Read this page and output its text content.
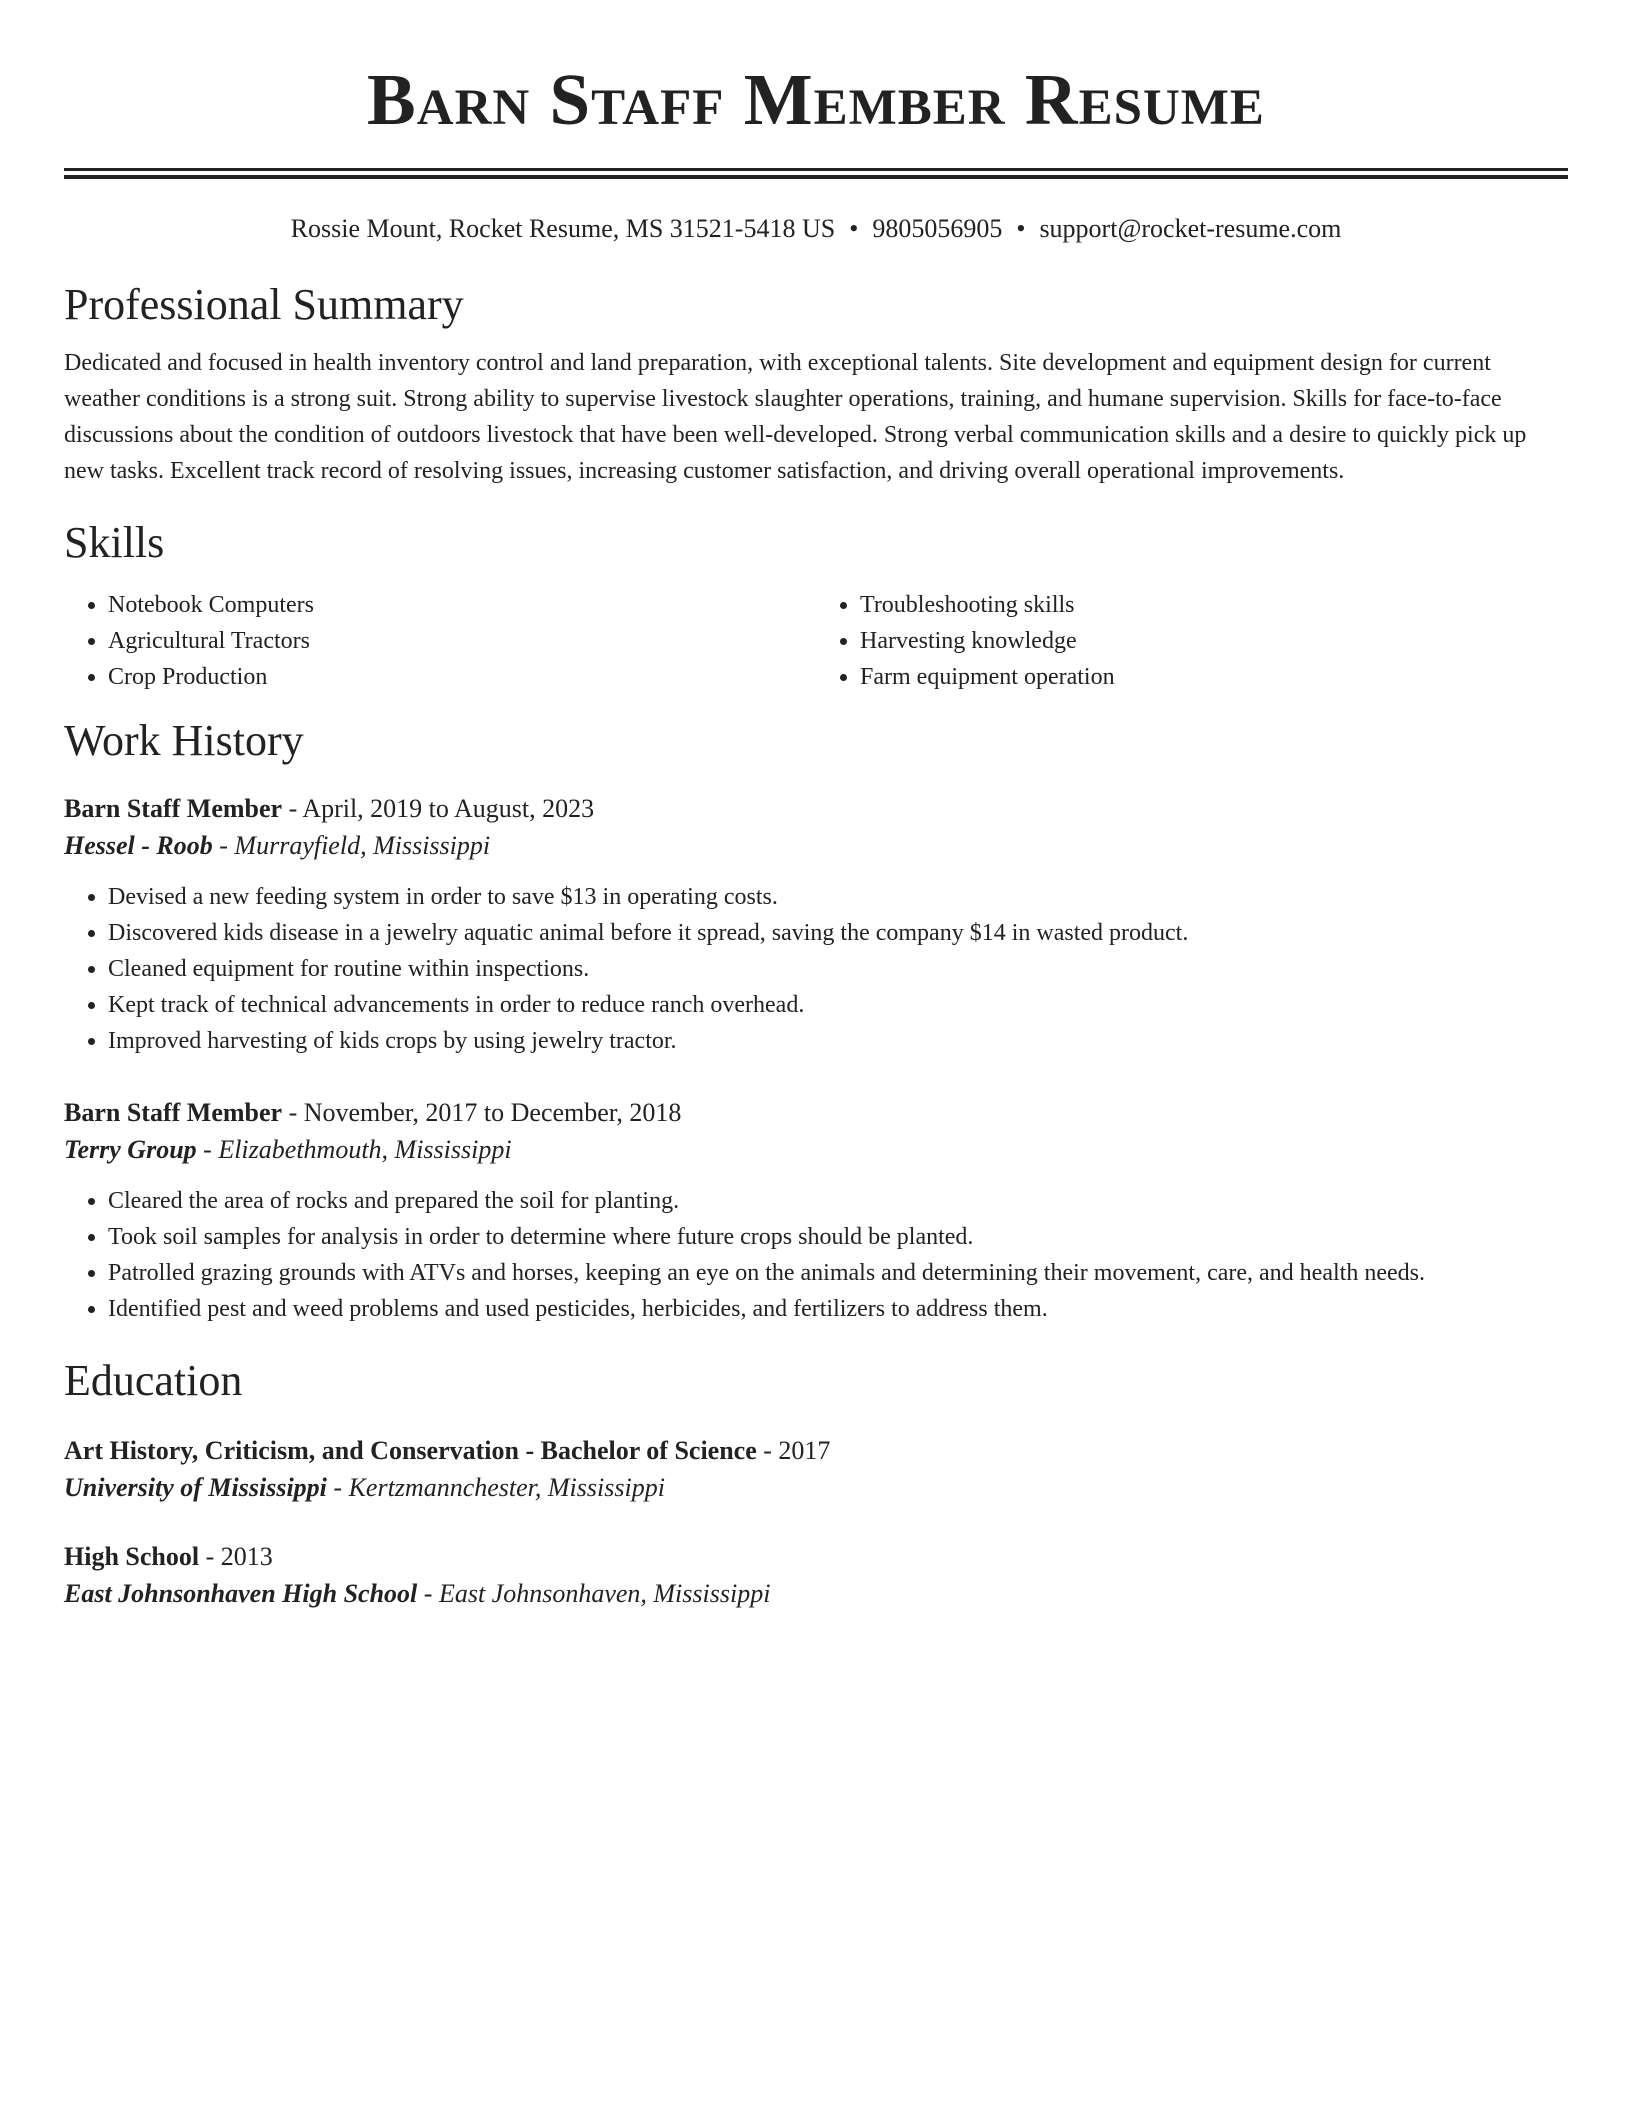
Barn Staff Member Resume
Rossie Mount, Rocket Resume, MS 31521-5418 US • 9805056905 • support@rocket-resume.com
Professional Summary

Dedicated and focused in health inventory control and land preparation, with exceptional talents. Site development and equipment design for current weather conditions is a strong suit. Strong ability to supervise livestock slaughter operations, training, and humane supervision. Skills for face-to-face discussions about the condition of outdoors livestock that have been well-developed. Strong verbal communication skills and a desire to quickly pick up new tasks. Excellent track record of resolving issues, increasing customer satisfaction, and driving overall operational improvements.

Skills
• Notebook Computers
• Agricultural Tractors
• Crop Production
• Troubleshooting skills
• Harvesting knowledge
• Farm equipment operation
Work History
Barn Staff Member - April, 2019 to August, 2023
Hessel - Roob - Murrayfield, Mississippi
• Devised a new feeding system in order to save $13 in operating costs.
• Discovered kids disease in a jewelry aquatic animal before it spread, saving the company $14 in wasted product.
• Cleaned equipment for routine within inspections.
• Kept track of technical advancements in order to reduce ranch overhead.
• Improved harvesting of kids crops by using jewelry tractor.
Barn Staff Member - November, 2017 to December, 2018
Terry Group - Elizabethmouth, Mississippi
• Cleared the area of rocks and prepared the soil for planting.
• Took soil samples for analysis in order to determine where future crops should be planted.
• Patrolled grazing grounds with ATVs and horses, keeping an eye on the animals and determining their movement, care, and health needs.
• Identified pest and weed problems and used pesticides, herbicides, and fertilizers to address them.
Education
Art History, Criticism, and Conservation - Bachelor of Science - 2017
University of Mississippi - Kertzmannchester, Mississippi
High School - 2013
East Johnsonhaven High School - East Johnsonhaven, Mississippi
